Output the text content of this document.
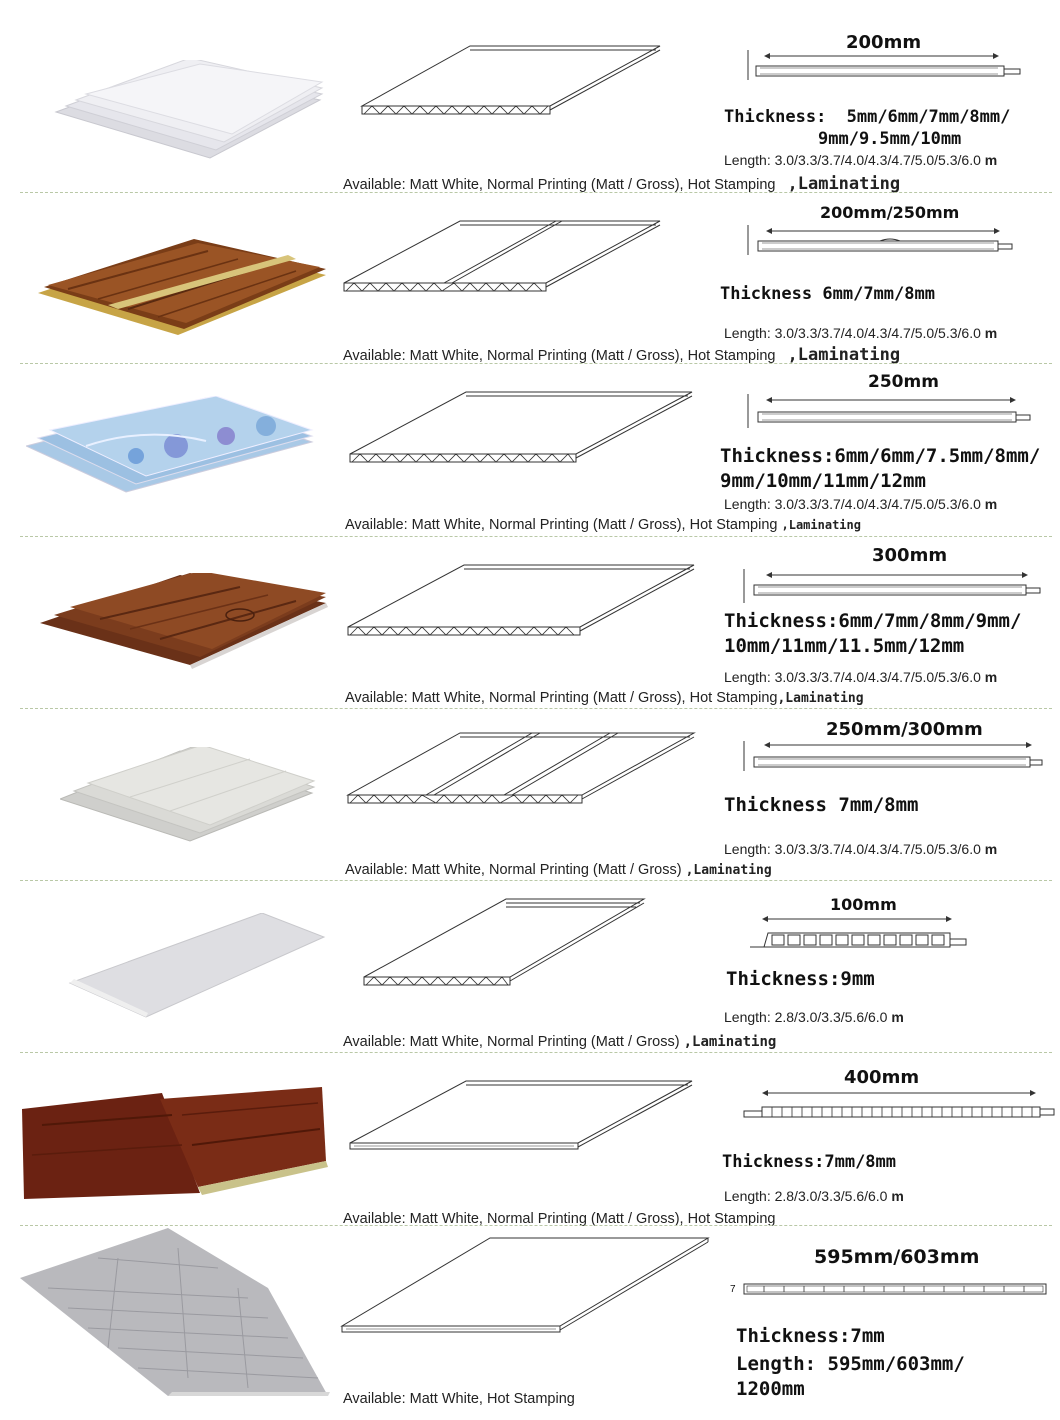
200mm
Thickness: 5mm/6mm/7mm/8mm/
9mm/9.5mm/10mm
Length: 3.0/3.3/3.7/4.0/4.3/4.7/5.0/5.3/6.0 m
Available: Matt White, Normal Printing (Matt / Gross), Hot Stamping ,Laminating
200mm/250mm
Thickness 6mm/7mm/8mm
Length: 3.0/3.3/3.7/4.0/4.3/4.7/5.0/5.3/6.0 m
Available: Matt White, Normal Printing (Matt / Gross), Hot Stamping ,Laminating
250mm
Thickness:6mm/6mm/7.5mm/8mm/
9mm/10mm/11mm/12mm
Length: 3.0/3.3/3.7/4.0/4.3/4.7/5.0/5.3/6.0 m
Available: Matt White, Normal Printing (Matt / Gross), Hot Stamping ,Laminating
300mm
Thickness:6mm/7mm/8mm/9mm/
10mm/11mm/11.5mm/12mm
Length: 3.0/3.3/3.7/4.0/4.3/4.7/5.0/5.3/6.0 m
Available: Matt White, Normal Printing (Matt / Gross), Hot Stamping,Laminating
250mm/300mm
Thickness 7mm/8mm
Length: 3.0/3.3/3.7/4.0/4.3/4.7/5.0/5.3/6.0 m
Available: Matt White, Normal Printing (Matt / Gross) ,Laminating
100mm
Thickness:9mm
Length: 2.8/3.0/3.3/5.6/6.0 m
Available: Matt White, Normal Printing (Matt / Gross) ,Laminating
400mm
Thickness:7mm/8mm
Length: 2.8/3.0/3.3/5.6/6.0 m
Available: Matt White, Normal Printing (Matt / Gross), Hot Stamping
7
595mm/603mm
Thickness:7mm
Length: 595mm/603mm/
1200mm
Available: Matt White, Hot Stamping
